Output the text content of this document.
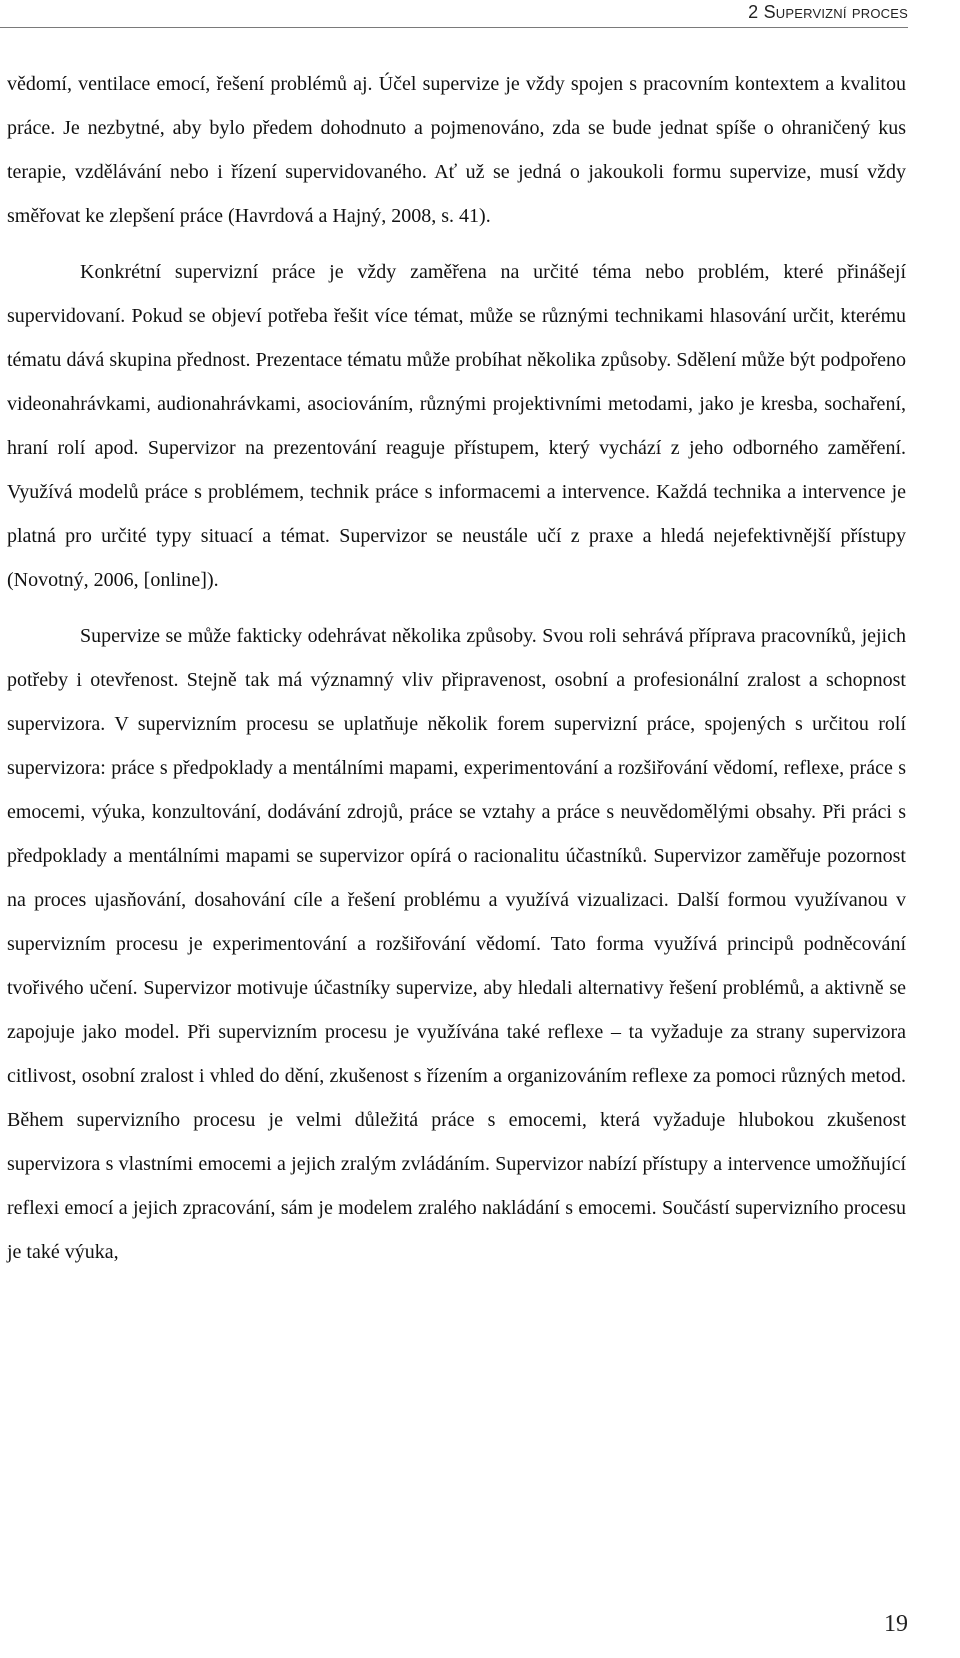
2 Supervizní proces

vědomí, ventilace emocí, řešení problémů aj. Účel supervize je vždy spojen s pracovním kontextem a kvalitou práce. Je nezbytné, aby bylo předem dohodnuto a pojmenováno, zda se bude jednat spíše o ohraničený kus terapie, vzdělávání nebo i řízení supervidovaného. Ať už se jedná o jakoukoli formu supervize, musí vždy směřovat ke zlepšení práce (Havrdová a Hajný, 2008, s. 41).

Konkrétní supervizní práce je vždy zaměřena na určité téma nebo problém, které přinášejí supervidovaní. Pokud se objeví potřeba řešit více témat, může se různými technikami hlasování určit, kterému tématu dává skupina přednost. Prezentace tématu může probíhat několika způsoby. Sdělení může být podpořeno videonahrávkami, audionahrávkami, asociováním, různými projektivními metodami, jako je kresba, sochaření, hraní rolí apod. Supervizor na prezentování reaguje přístupem, který vychází z jeho odborného zaměření. Využívá modelů práce s problémem, technik práce s informacemi a intervence. Každá technika a intervence je platná pro určité typy situací a témat. Supervizor se neustále učí z praxe a hledá nejefektivnější přístupy (Novotný, 2006, [online]).

Supervize se může fakticky odehrávat několika způsoby. Svou roli sehrává příprava pracovníků, jejich potřeby i otevřenost. Stejně tak má významný vliv připravenost, osobní a profesionální zralost a schopnost supervizora. V supervizním procesu se uplatňuje několik forem supervizní práce, spojených s určitou rolí supervizora: práce s předpoklady a mentálními mapami, experimentování a rozšiřování vědomí, reflexe, práce s emocemi, výuka, konzultování, dodávání zdrojů, práce se vztahy a práce s neuvědomělými obsahy. Při práci s předpoklady a mentálními mapami se supervizor opírá o racionalitu účastníků. Supervizor zaměřuje pozornost na proces ujasňování, dosahování cíle a řešení problému a využívá vizualizaci. Další formou využívanou v supervizním procesu je experimentování a rozšiřování vědomí. Tato forma využívá principů podněcování tvořivého učení. Supervizor motivuje účastníky supervize, aby hledali alternativy řešení problémů, a aktivně se zapojuje jako model. Při supervizním procesu je využívána také reflexe – ta vyžaduje za strany supervizora citlivost, osobní zralost i vhled do dění, zkušenost s řízením a organizováním reflexe za pomoci různých metod. Během supervizního procesu je velmi důležitá práce s emocemi, která vyžaduje hlubokou zkušenost supervizora s vlastními emocemi a jejich zralým zvládáním. Supervizor nabízí přístupy a intervence umožňující reflexi emocí a jejich zpracování, sám je modelem zralého nakládání s emocemi. Součástí supervizního procesu je také výuka,

19
